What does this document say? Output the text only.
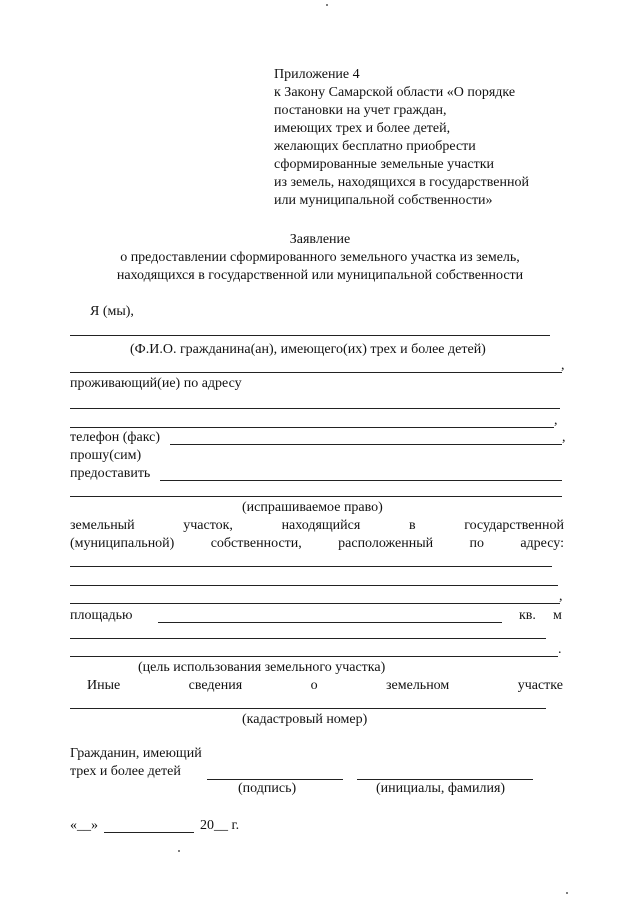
Приложение 4
к Закону Самарской области «О порядке
постановки на учет граждан,
имеющих трех и более детей,
желающих бесплатно приобрести
сформированные земельные участки
из земель, находящихся в государственной
или муниципальной собственности»
Заявление
о предоставлении сформированного земельного участка из земель,
находящихся в государственной или муниципальной собственности
Я (мы),
(Ф.И.О. гражданина(ан), имеющего(их) трех и более детей)
,
проживающий(ие) по адресу
,
телефон (факс)	,
прошу(сим)
предоставить
(испрашиваемое право)
земельный	участок,	находящийся	в	государственной
(муниципальной)	собственности,	расположенный	по	адресу:
,
площадью	кв. м
.
(цель использования земельного участка)
Иные	сведения	о	земельном	участке
(кадастровый номер)
Гражданин, имеющий
трех и более детей
(подпись)	(инициалы, фамилия)
«__»	20__ г.
